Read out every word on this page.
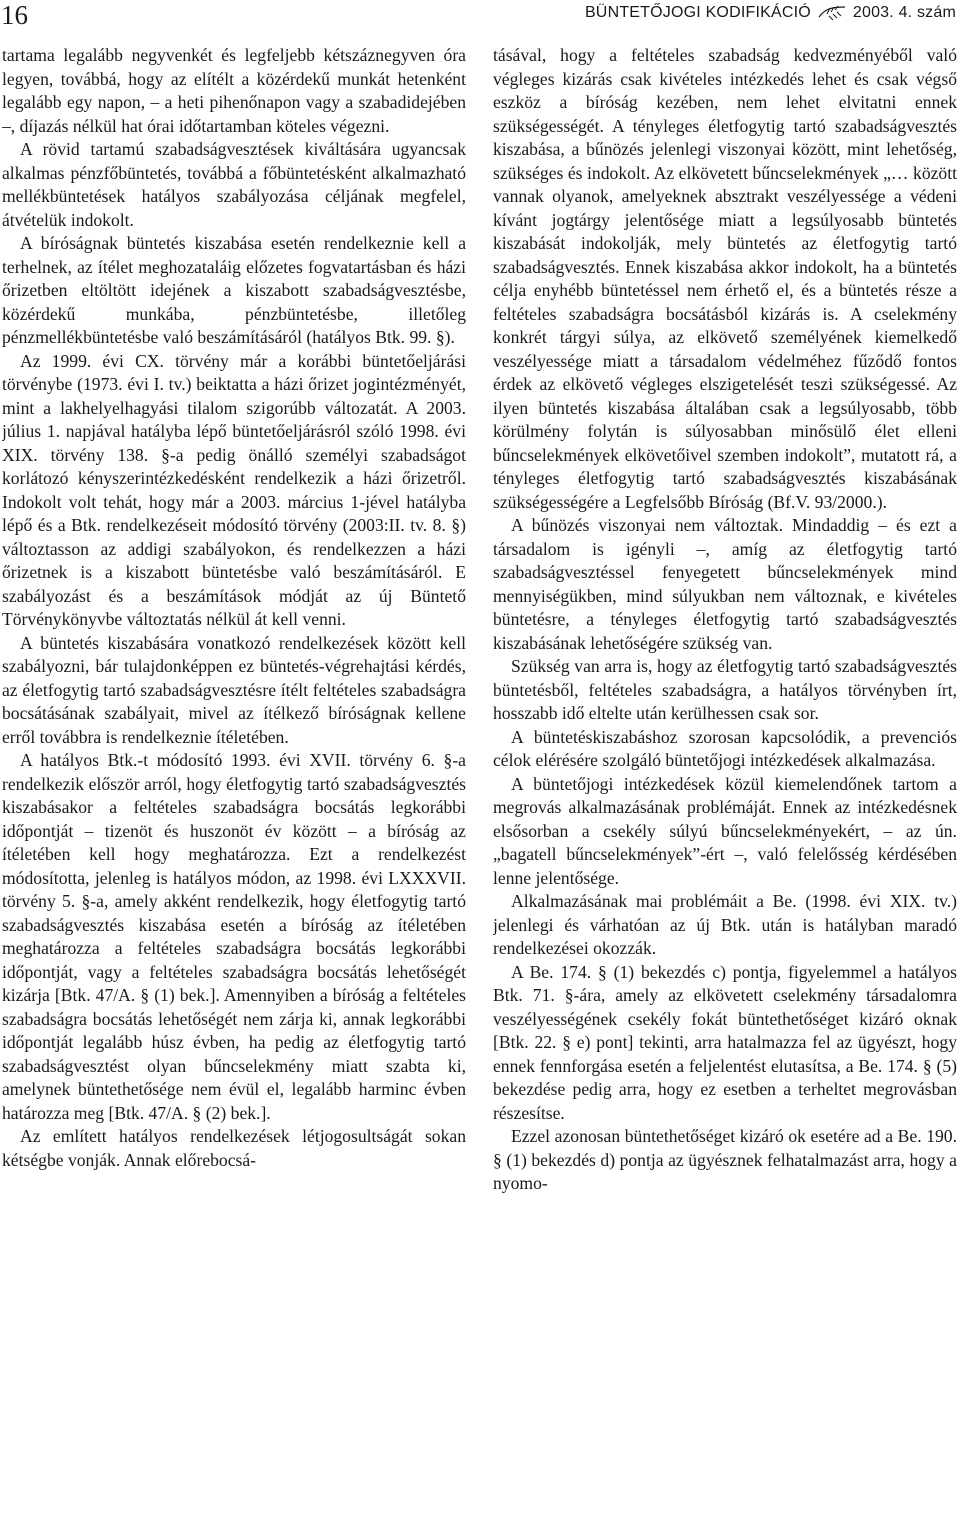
16	BÜNTETŐJOGI KODIFIKÁCIÓ	2003. 4. szám

tartama legalább negyvenkét és legfeljebb kétszáznegyven óra legyen, továbbá, hogy az elítélt a közérdekű munkát hetenként legalább egy napon, – a heti pihenőnapon vagy a szabadidejében –, díjazás nélkül hat órai időtartamban köteles végezni.

A rövid tartamú szabadságvesztések kiváltására ugyancsak alkalmas pénzfőbüntetés, továbbá a főbüntetésként alkalmazható mellékbüntetések hatályos szabályozása céljának megfelel, átvételük indokolt.

A bíróságnak büntetés kiszabása esetén rendelkeznie kell a terhelnek, az ítélet meghozataláig előzetes fogvatartásban és házi őrizetben eltöltött idejének a kiszabott szabadságvesztésbe, közérdekű munkába, pénzbüntetésbe, illetőleg pénzmellékbüntetésbe való beszámításáról (hatályos Btk. 99. §).

Az 1999. évi CX. törvény már a korábbi büntetőeljárási törvénybe (1973. évi I. tv.) beiktatta a házi őrizet jogintézményét, mint a lakhelyelhagyási tilalom szigorúbb változatát. A 2003. július 1. napjával hatályba lépő büntetőeljárásról szóló 1998. évi XIX. törvény 138. §-a pedig önálló személyi szabadságot korlátozó kényszerintézkedésként rendelkezik a házi őrizetről. Indokolt volt tehát, hogy már a 2003. március 1-jével hatályba lépő és a Btk. rendelkezéseit módosító törvény (2003:II. tv. 8. §) változtasson az addigi szabályokon, és rendelkezzen a házi őrizetnek is a kiszabott büntetésbe való beszámításáról. E szabályozást és a beszámítások módját az új Büntető Törvénykönyvbe változtatás nélkül át kell venni.

A büntetés kiszabására vonatkozó rendelkezések között kell szabályozni, bár tulajdonképpen ez büntetés-végrehajtási kérdés, az életfogytig tartó szabadságvesztésre ítélt feltételes szabadságra bocsátásának szabályait, mivel az ítélkező bíróságnak kellene erről továbbra is rendelkeznie ítéletében.

A hatályos Btk.-t módosító 1993. évi XVII. törvény 6. §-a rendelkezik először arról, hogy életfogytig tartó szabadságvesztés kiszabásakor a feltételes szabadságra bocsátás legkorábbi időpontját – tizenöt és huszonöt év között – a bíróság az ítéletében kell hogy meghatározza. Ezt a rendelkezést módosította, jelenleg is hatályos módon, az 1998. évi LXXXVII. törvény 5. §-a, amely akként rendelkezik, hogy életfogytig tartó szabadságvesztés kiszabása esetén a bíróság az ítéletében meghatározza a feltételes szabadságra bocsátás legkorábbi időpontját, vagy a feltételes szabadságra bocsátás lehetőségét kizárja [Btk. 47/A. § (1) bek.]. Amennyiben a bíróság a feltételes szabadságra bocsátás lehetőségét nem zárja ki, annak legkorábbi időpontját legalább húsz évben, ha pedig az életfogytig tartó szabadságvesztést olyan bűncselekmény miatt szabta ki, amelynek büntethetősége nem évül el, legalább harminc évben határozza meg [Btk. 47/A. § (2) bek.].

Az említett hatályos rendelkezések létjogosultságát sokan kétségbe vonják. Annak előrebocsá-

tásával, hogy a feltételes szabadság kedvezményéből való végleges kizárás csak kivételes intézkedés lehet és csak végső eszköz a bíróság kezében, nem lehet elvitatni ennek szükségességét. A tényleges életfogytig tartó szabadságvesztés kiszabása, a bűnözés jelenlegi viszonyai között, mint lehetőség, szükséges és indokolt. Az elkövetett bűncselekmények „… között vannak olyanok, amelyeknek absztrakt veszélyessége a védeni kívánt jogtárgy jelentősége miatt a legsúlyosabb büntetés kiszabását indokolják, mely büntetés az életfogytig tartó szabadságvesztés. Ennek kiszabása akkor indokolt, ha a büntetés célja enyhébb büntetéssel nem érhető el, és a büntetés része a feltételes szabadságra bocsátásból kizárás is. A cselekmény konkrét tárgyi súlya, az elkövető személyének kiemelkedő veszélyessége miatt a társadalom védelméhez fűződő fontos érdek az elkövető végleges elszigetelését teszi szükségessé. Az ilyen büntetés kiszabása általában csak a legsúlyosabb, több körülmény folytán is súlyosabban minősülő élet elleni bűncselekmények elkövetőivel szemben indokolt”, mutatott rá, a tényleges életfogytig tartó szabadságvesztés kiszabásának szükségességére a Legfelsőbb Bíróság (Bf.V. 93/2000.).

A bűnözés viszonyai nem változtak. Mindaddig – és ezt a társadalom is igényli –, amíg az életfogytig tartó szabadságvesztéssel fenyegetett bűncselekmények mind mennyiségükben, mind súlyukban nem változnak, e kivételes büntetésre, a tényleges életfogytig tartó szabadságvesztés kiszabásának lehetőségére szükség van.

Szükség van arra is, hogy az életfogytig tartó szabadságvesztés büntetésből, feltételes szabadságra, a hatályos törvényben írt, hosszabb idő eltelte után kerülhessen csak sor.

A büntetéskiszabáshoz szorosan kapcsolódik, a prevenciós célok elérésére szolgáló büntetőjogi intézkedések alkalmazása.

A büntetőjogi intézkedések közül kiemelendőnek tartom a megrovás alkalmazásának problémáját. Ennek az intézkedésnek elsősorban a csekély súlyú bűncselekményekért, – az ún. „bagatell bűncselekmények”-ért –, való felelősség kérdésében lenne jelentősége.

Alkalmazásának mai problémáit a Be. (1998. évi XIX. tv.) jelenlegi és várhatóan az új Btk. után is hatályban maradó rendelkezései okozzák.

A Be. 174. § (1) bekezdés c) pontja, figyelemmel a hatályos Btk. 71. §-ára, amely az elkövetett cselekmény társadalomra veszélyességének csekély fokát büntethetőséget kizáró oknak [Btk. 22. § e) pont] tekinti, arra hatalmazza fel az ügyészt, hogy ennek fennforgása esetén a feljelentést elutasítsa, a Be. 174. § (5) bekezdése pedig arra, hogy ez esetben a terheltet megrovásban részesítse.

Ezzel azonosan büntethetőséget kizáró ok esetére ad a Be. 190. § (1) bekezdés d) pontja az ügyésznek felhatalmazást arra, hogy a nyomo-
